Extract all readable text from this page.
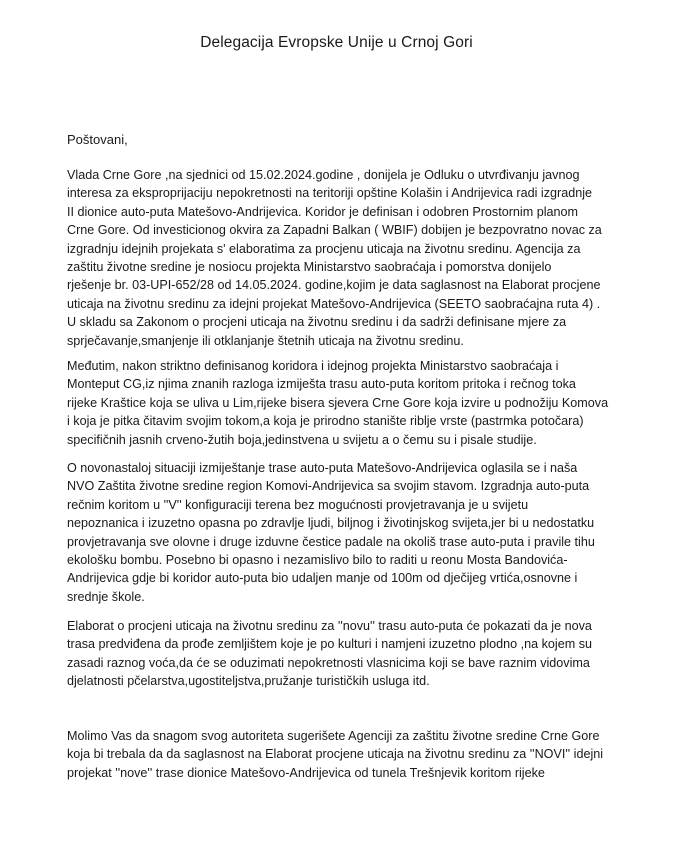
Delegacija Evropske Unije u Crnoj Gori
Poštovani,
Vlada Crne Gore ,na sjednici od 15.02.2024.godine , donijela je Odluku o utvrđivanju javnog
interesa za eksproprijaciju nepokretnosti na teritoriji opštine Kolašin i Andrijevica radi izgradnje
II dionice auto-puta Matešovo-Andrijevica. Koridor je definisan i odobren Prostornim planom
Crne Gore. Od investicionog okvira za Zapadni Balkan ( WBIF) dobijen je bezpovratno novac za
izgradnju idejnih projekata s' elaboratima za procjenu uticaja na životnu sredinu. Agencija za
zaštitu životne sredine je nosiocu projekta Ministarstvo saobraćaja i pomorstva donijelo
rješenje br. 03-UPI-652/28 od 14.05.2024. godine,kojim je data saglasnost na Elaborat procjene
uticaja na životnu sredinu za idejni projekat Matešovo-Andrijevica (SEETO saobraćajna ruta 4) .
U skladu sa Zakonom o procjeni uticaja na životnu sredinu i da sadrži definisane mjere za
sprječavanje,smanjenje ili otklanjanje štetnih uticaja na životnu sredinu.
Međutim, nakon striktno definisanog koridora i idejnog projekta Ministarstvo saobraćaja i
Monteput CG,iz njima znanih razloga izmiješta trasu auto-puta koritom pritoka i rečnog toka
rijeke Kraštice koja se uliva u Lim,rijeke bisera sjevera Crne Gore koja izvire u podnožiju Komova
i koja je pitka čitavim svojim tokom,a koja je prirodno stanište riblje vrste (pastrmka potočara)
specifičnih jasnih crveno-žutih boja,jedinstvena u svijetu a o čemu su i pisale studije.
O novonastaloj situaciji izmiještanje trase auto-puta Matešovo-Andrijevica oglasila se i naša
NVO Zaštita životne sredine region Komovi-Andrijevica sa svojim stavom. Izgradnja auto-puta
rečnim koritom u ''V'' konfiguraciji terena bez mogućnosti provjetravanja je u svijetu
nepoznanica i izuzetno opasna po zdravlje ljudi, biljnog i životinjskog svijeta,jer bi u nedostatku
provjetravanja sve olovne i druge izduvne čestice padale na okoliš trase auto-puta i pravile tihu
ekološku bombu. Posebno bi opasno i nezamislivo bilo to raditi u reonu Mosta Bandovića-
Andrijevica gdje bi koridor auto-puta bio udaljen manje od 100m od dječijeg vrtića,osnovne i
srednje škole.
Elaborat o procjeni uticaja na životnu sredinu za ''novu'' trasu auto-puta će pokazati da je nova
trasa predviđena da prođe zemljištem koje je po kulturi i namjeni izuzetno plodno ,na kojem su
zasadi raznog voća,da će se oduzimati nepokretnosti vlasnicima koji se bave raznim vidovima
djelatnosti pčelarstva,ugostiteljstva,pružanje turističkih usluga itd.
Molimo Vas da snagom svog autoriteta sugerišete Agenciji za zaštitu životne sredine Crne Gore
koja bi trebala da da saglasnost na Elaborat procjene uticaja na životnu sredinu za ''NOVI'' idejni
projekat ''nove'' trase dionice Matešovo-Andrijevica od tunela Trešnjevik koritom rijeke
